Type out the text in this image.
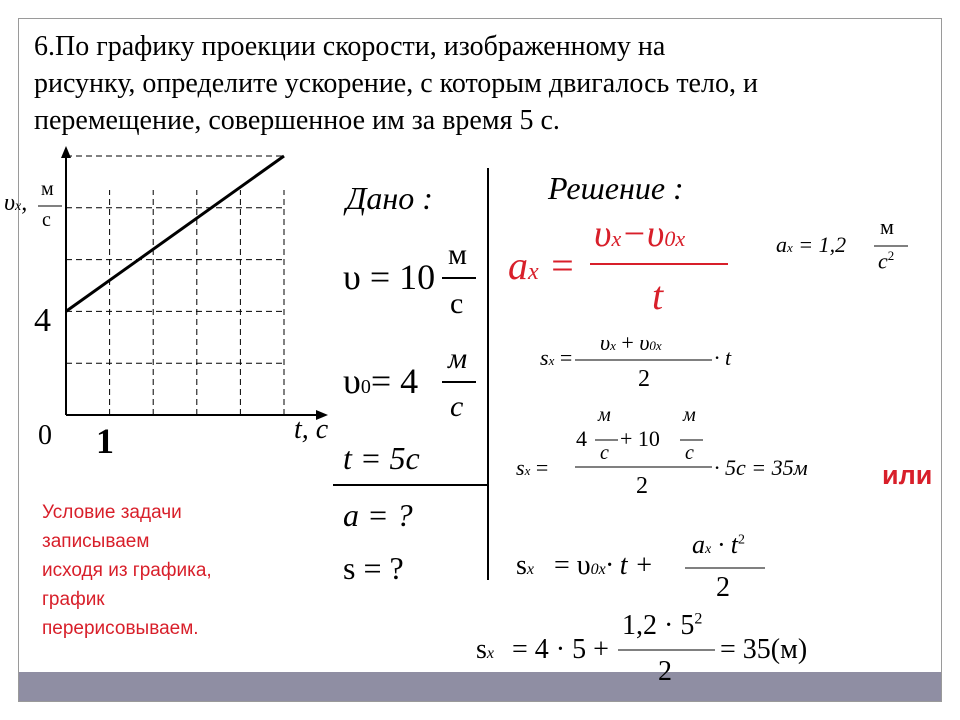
6.По графику проекции скорости, изображенному на
рисунку, определите ускорение, с которым двигалось тело, и
перемещение, совершенное им за время 5 с.
υx,
м
с
4
0 1	t, c
Дано :
υ = 10
м
с
υ0= 4
м
с
t = 5c
a = ?
s = ?
Решение :
ax =
υx−υ0x
t
ax = 1,2
м
$c^2$
sx =
υx + υ0x
2
· t
sx =
4 + 10
м
с
м
с
2
· 5c = 35м
sx = υ0x· t +
ax · $t^2$
2
sx = 4 · 5 +
$1,2 \cdot 5^2$
2
= 35(м)
Условие задачи
записываем
исходя из графика,
график
перерисовываем.
или
